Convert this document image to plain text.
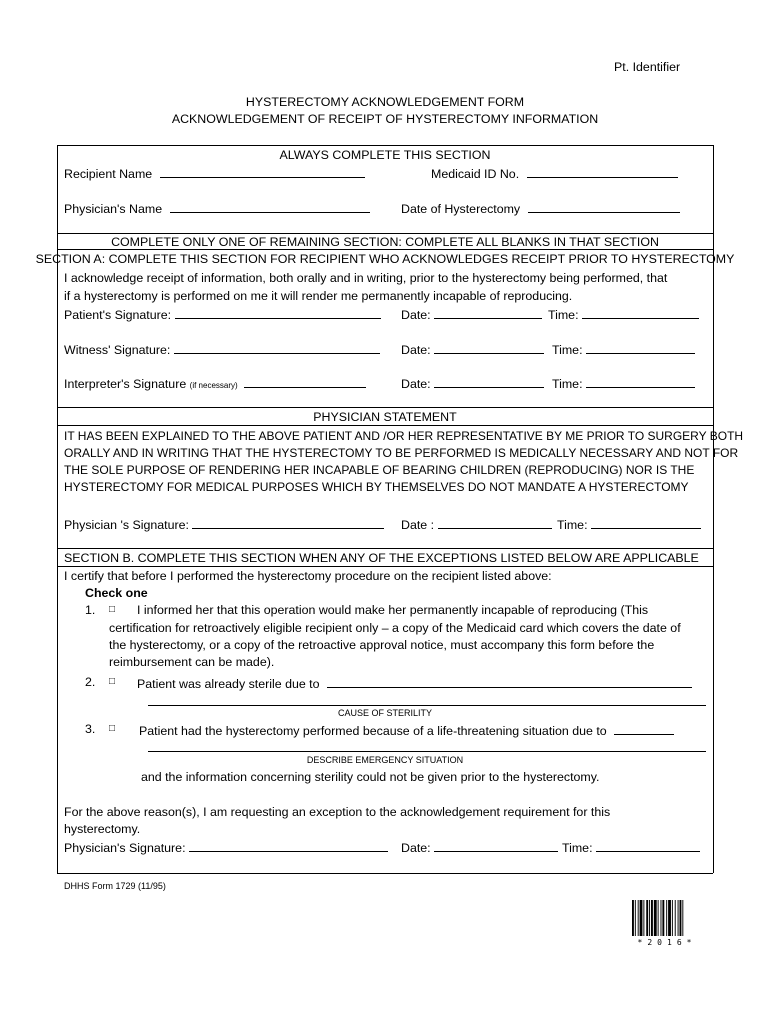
Pt. Identifier
HYSTERECTOMY ACKNOWLEDGEMENT FORM
ACKNOWLEDGEMENT OF RECEIPT OF HYSTERECTOMY INFORMATION
ALWAYS COMPLETE THIS SECTION
Recipient Name	Medicaid ID No.
Physician's Name	Date of Hysterectomy
COMPLETE ONLY ONE OF REMAINING SECTION: COMPLETE ALL BLANKS IN THAT SECTION
SECTION A: COMPLETE THIS SECTION FOR RECIPIENT WHO ACKNOWLEDGES RECEIPT PRIOR TO HYSTERECTOMY
I acknowledge receipt of information, both orally and in writing, prior to the hysterectomy being performed, that
if a hysterectomy is performed on me it will render me permanently incapable of reproducing.
Patient's Signature:	Date:	Time:
Witness' Signature:	Date:	Time:
Interpreter's Signature (if necessary)	Date:	Time:
PHYSICIAN STATEMENT
IT HAS BEEN EXPLAINED TO THE ABOVE PATIENT AND /OR HER REPRESENTATIVE BY ME PRIOR TO SURGERY BOTH
ORALLY AND IN WRITING THAT THE HYSTERECTOMY TO BE PERFORMED IS MEDICALLY NECESSARY AND NOT FOR
THE SOLE PURPOSE OF RENDERING HER INCAPABLE OF BEARING CHILDREN (REPRODUCING) NOR IS THE
HYSTERECTOMY FOR MEDICAL PURPOSES WHICH BY THEMSELVES DO NOT MANDATE A HYSTERECTOMY
Physician 's Signature:	Date :	Time:
SECTION B. COMPLETE THIS SECTION WHEN ANY OF THE EXCEPTIONS LISTED BELOW ARE APPLICABLE
I certify that before I performed the hysterectomy procedure on the recipient listed above:
Check one
1. □ I informed her that this operation would make her permanently incapable of reproducing (This
certification for retroactively eligible recipient only – a copy of the Medicaid card which covers the date of
the hysterectomy, or a copy of the retroactive approval notice, must accompany this form before the
reimbursement can be made).
2. □ Patient was already sterile due to
CAUSE OF STERILITY
3. □ Patient had the hysterectomy performed because of a life-threatening situation due to
DESCRIBE EMERGENCY SITUATION
and the information concerning sterility could not be given prior to the hysterectomy.
For the above reason(s), I am requesting an exception to the acknowledgement requirement for this
hysterectomy.
Physician's Signature:	Date:	Time:
DHHS Form 1729 (11/95)
*2016*
